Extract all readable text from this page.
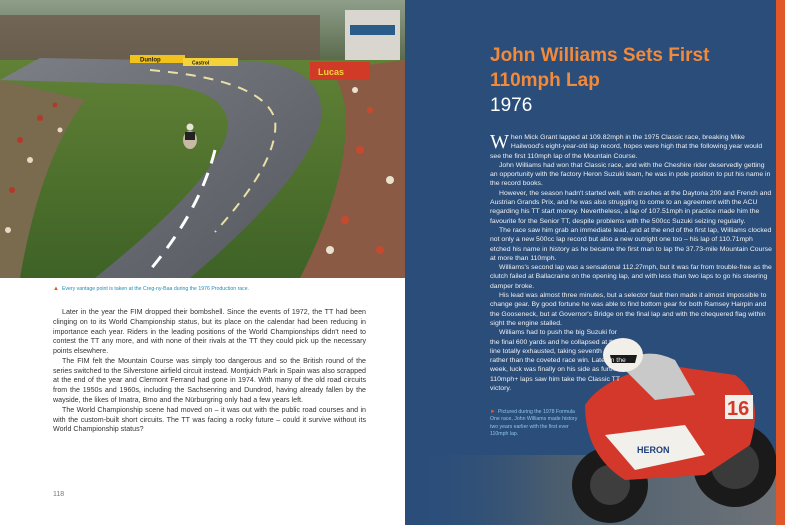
Dunlop
Lucas
Castrol
▲ Every vantage point is taken at the Creg-ny-Baa during the 1976 Production race.

Later in the year the FIM dropped their bombshell. Since the events of 1972, the TT had been clinging on to its World Championship status, but its place on the calendar had been reducing in importance each year. Riders in the leading positions of the World Championships didn't need to contest the TT any more, and with none of their rivals at the TT they could pick up the necessary points elsewhere.

The FIM felt the Mountain Course was simply too dangerous and so the British round of the series switched to the Silverstone airfield circuit instead. Montjuich Park in Spain was also scrapped at the end of the year and Clermont Ferrand had gone in 1974. With many of the old road circuits from the 1950s and 1960s, including the Sachsenring and Dundrod, having already fallen by the wayside, the likes of Imatra, Brno and the Nürburgring only had a few years left.

The World Championship scene had moved on – it was out with the public road courses and in with the custom-built short circuits. The TT was facing a rocky future – could it survive without its World Championship status?

118
John Williams Sets First 110mph Lap
1976
16
HERON

When Mick Grant lapped at 109.82mph in the 1975 Classic race, breaking Mike Hailwood's eight-year-old lap record, hopes were high that the following year would see the first 110mph lap of the Mountain Course.

John Williams had won that Classic race, and with the Cheshire rider deservedly getting an opportunity with the factory Heron Suzuki team, he was in pole position to put his name in the record books.

However, the season hadn't started well, with crashes at the Daytona 200 and French and Austrian Grands Prix, and he was also struggling to come to an agreement with the ACU regarding his TT start money. Nevertheless, a lap of 107.51mph in practice made him the favourite for the Senior TT, despite problems with the 500cc Suzuki seizing regularly.

The race saw him grab an immediate lead, and at the end of the first lap, Williams clocked not only a new 500cc lap record but also a new outright one too – his lap of 110.71mph etched his name in history as he became the first man to lap the 37.73-mile Mountain Course at more than 110mph.

Williams's second lap was a sensational 112.27mph, but it was far from trouble-free as the clutch failed at Ballacraine on the opening lap, and with less than two laps to go his steering damper broke.

His lead was almost three minutes, but a selector fault then made it almost impossible to change gear. By good fortune he was able to find bottom gear for both Ramsey Hairpin and the Gooseneck, but at Governor's Bridge on the final lap and with the chequered flag within sight the engine stalled.

Williams had to push the big Suzuki for the final 600 yards and he collapsed at the line totally exhausted, taking seventh place rather than the coveted race win. Later in the week, luck was finally on his side as further 110mph+ laps saw him take the Classic TT victory.

► Pictured during the 1978 Formula One race, John Williams made history two years earlier with the first ever 110mph lap.
